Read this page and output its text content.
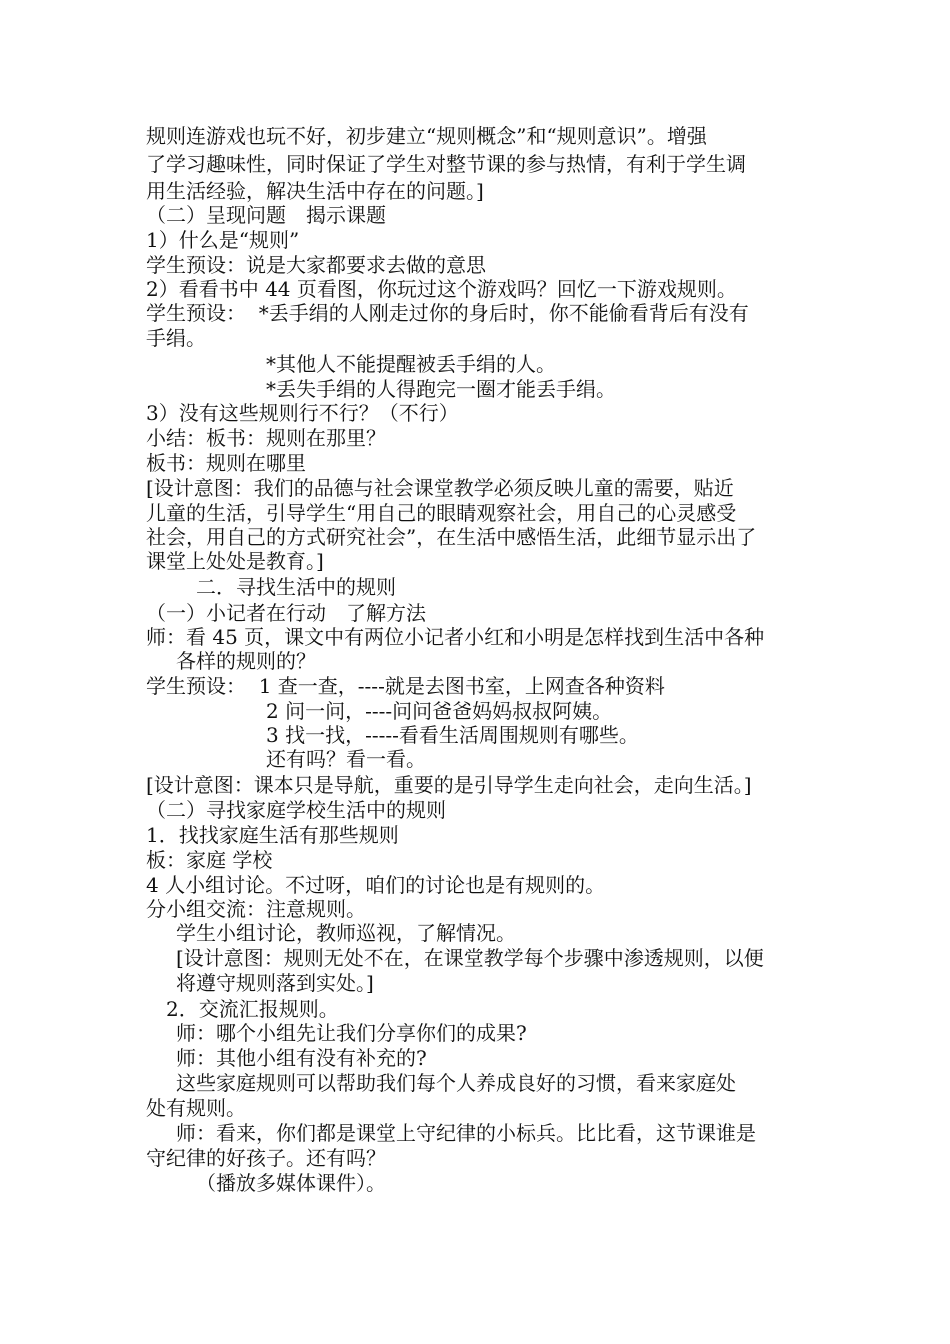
规则连游戏也玩不好，初步建立“规则概念”和“规则意识”。增强
了学习趣味性，同时保证了学生对整节课的参与热情，有利于学生调
用生活经验，解决生活中存在的问题。]
（二）呈现问题　揭示课题
1）什么是“规则”
学生预设：说是大家都要求去做的意思
2）看看书中 44 页看图，你玩过这个游戏吗？回忆一下游戏规则。
学生预设：  *丢手绢的人刚走过你的身后时，你不能偷看背后有没有
手绢。
*其他人不能提醒被丢手绢的人。
*丢失手绢的人得跑完一圈才能丢手绢。
3）没有这些规则行不行？（不行）
小结：板书：规则在那里？
板书：规则在哪里
[设计意图：我们的品德与社会课堂教学必须反映儿童的需要，贴近
儿童的生活，引导学生“用自己的眼睛观察社会，用自己的心灵感受
社会，用自己的方式研究社会”，在生活中感悟生活，此细节显示出了
课堂上处处是教育。]
二．寻找生活中的规则
（一）小记者在行动　了解方法
师：看 45 页，课文中有两位小记者小红和小明是怎样找到生活中各种
各样的规则的？
学生预设：  1 查一查，----就是去图书室，上网查各种资料
2 问一问，----问问爸爸妈妈叔叔阿姨。
3 找一找，-----看看生活周围规则有哪些。
还有吗？看一看。
[设计意图：课本只是导航，重要的是引导学生走向社会，走向生活。]
（二）寻找家庭学校生活中的规则
1．找找家庭生活有那些规则
板：家庭 学校
4 人小组讨论。不过呀，咱们的讨论也是有规则的。
分小组交流：注意规则。
学生小组讨论，教师巡视，了解情况。
[设计意图：规则无处不在，在课堂教学每个步骤中渗透规则，以便
将遵守规则落到实处。]
2．交流汇报规则。
师：哪个小组先让我们分享你们的成果?
师：其他小组有没有补充的?
这些家庭规则可以帮助我们每个人养成良好的习惯，看来家庭处
处有规则。
师：看来，你们都是课堂上守纪律的小标兵。比比看，这节课谁是
守纪律的好孩子。还有吗？
（播放多媒体课件）。
